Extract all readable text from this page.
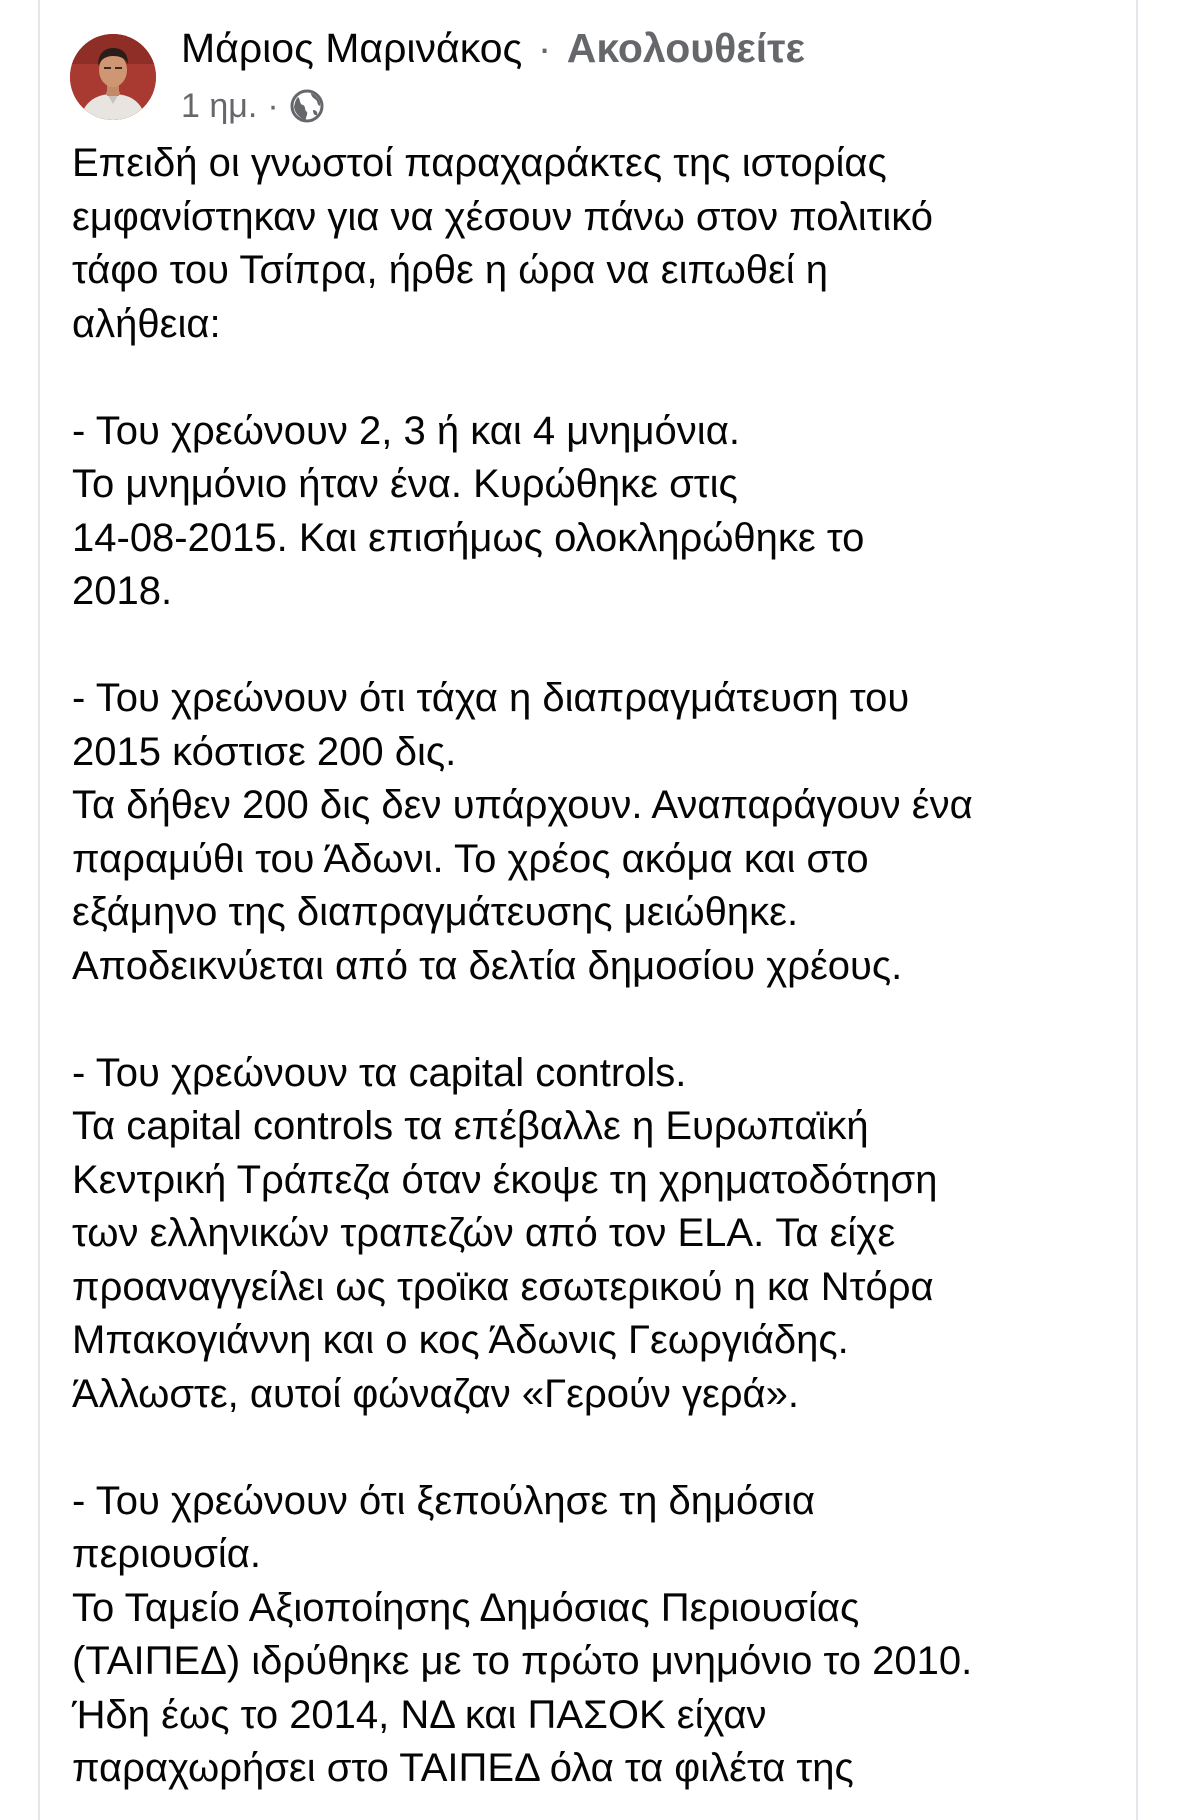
Μάριος Μαρινάκος · Ακολουθείτε
1 ημ. ·
Επειδή οι γνωστοί παραχαράκτες της ιστορίας
εμφανίστηκαν για να χέσουν πάνω στον πολιτικό
τάφο του Τσίπρα, ήρθε η ώρα να ειπωθεί η
αλήθεια:
- Του χρεώνουν 2, 3 ή και 4 μνημόνια.
Το μνημόνιο ήταν ένα. Κυρώθηκε στις
14-08-2015. Και επισήμως ολοκληρώθηκε το
2018.
- Του χρεώνουν ότι τάχα η διαπραγμάτευση του
2015 κόστισε 200 δις.
Τα δήθεν 200 δις δεν υπάρχουν. Αναπαράγουν ένα
παραμύθι του Άδωνι. Το χρέος ακόμα και στο
εξάμηνο της διαπραγμάτευσης μειώθηκε.
Αποδεικνύεται από τα δελτία δημοσίου χρέους.
- Του χρεώνουν τα capital controls.
Τα capital controls τα επέβαλλε η Ευρωπαϊκή
Κεντρική Τράπεζα όταν έκοψε τη χρηματοδότηση
των ελληνικών τραπεζών από τον ELA. Τα είχε
προαναγγείλει ως τροϊκα εσωτερικού η κα Ντόρα
Μπακογιάννη και ο κος Άδωνις Γεωργιάδης.
Άλλωστε, αυτοί φώναζαν «Γερούν γερά».
- Του χρεώνουν ότι ξεπούλησε τη δημόσια
περιουσία.
Το Ταμείο Αξιοποίησης Δημόσιας Περιουσίας
(ΤΑΙΠΕΔ) ιδρύθηκε με το πρώτο μνημόνιο το 2010.
Ήδη έως το 2014, ΝΔ και ΠΑΣΟΚ είχαν
παραχωρήσει στο ΤΑΙΠΕΔ όλα τα φιλέτα της
